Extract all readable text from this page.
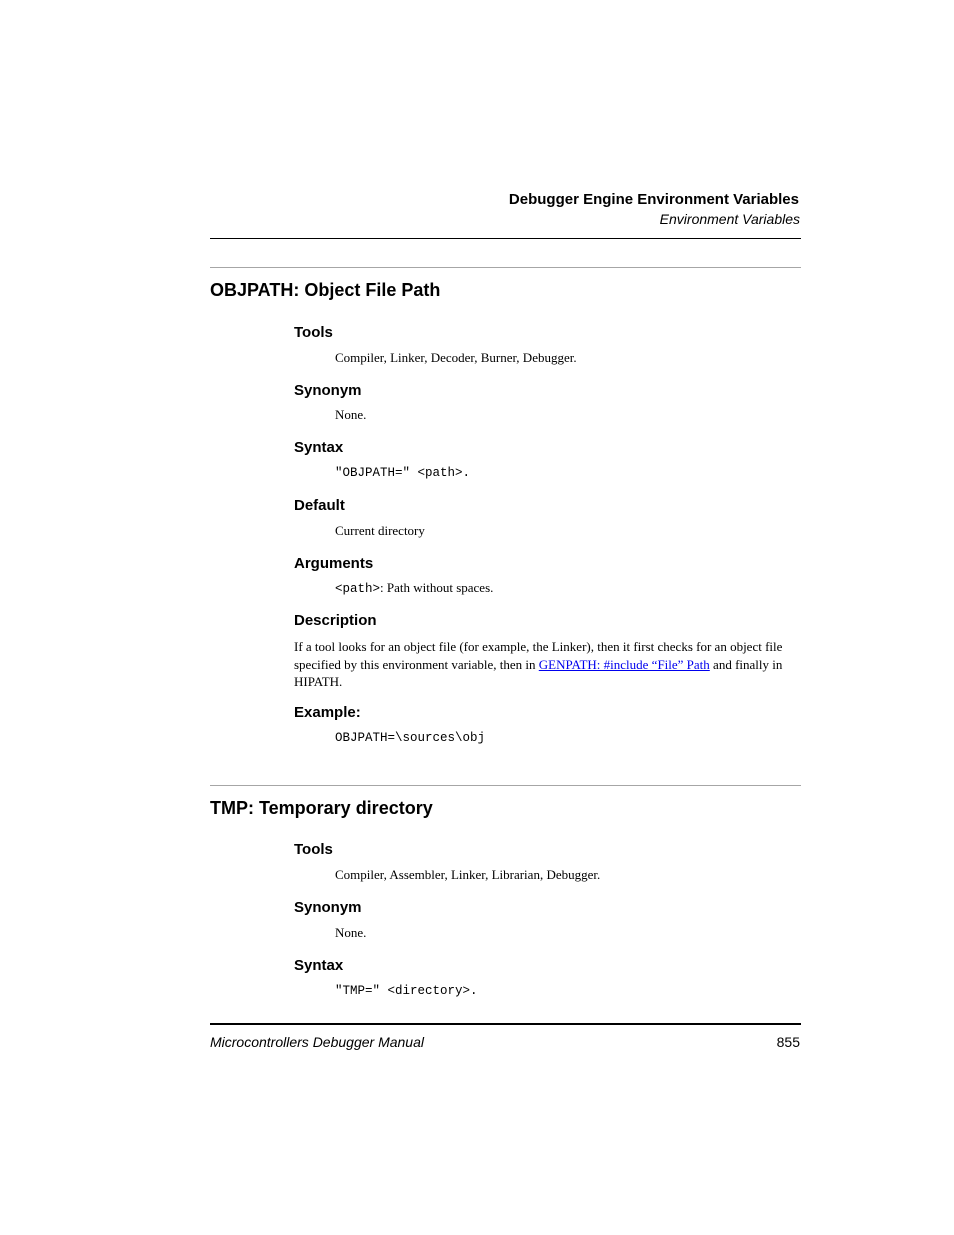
Debugger Engine Environment Variables
Environment Variables
OBJPATH: Object File Path
Tools
Compiler, Linker, Decoder, Burner, Debugger.
Synonym
None.
Syntax
"OBJPATH=" <path>.
Default
Current directory
Arguments
<path>: Path without spaces.
Description
If a tool looks for an object file (for example, the Linker), then it first checks for an object file specified by this environment variable, then in GENPATH: #include “File” Path and finally in HIPATH.
Example:
OBJPATH=\sources\obj
TMP: Temporary directory
Tools
Compiler, Assembler, Linker, Librarian, Debugger.
Synonym
None.
Syntax
"TMP=" <directory>.
Microcontrollers Debugger Manual	855
